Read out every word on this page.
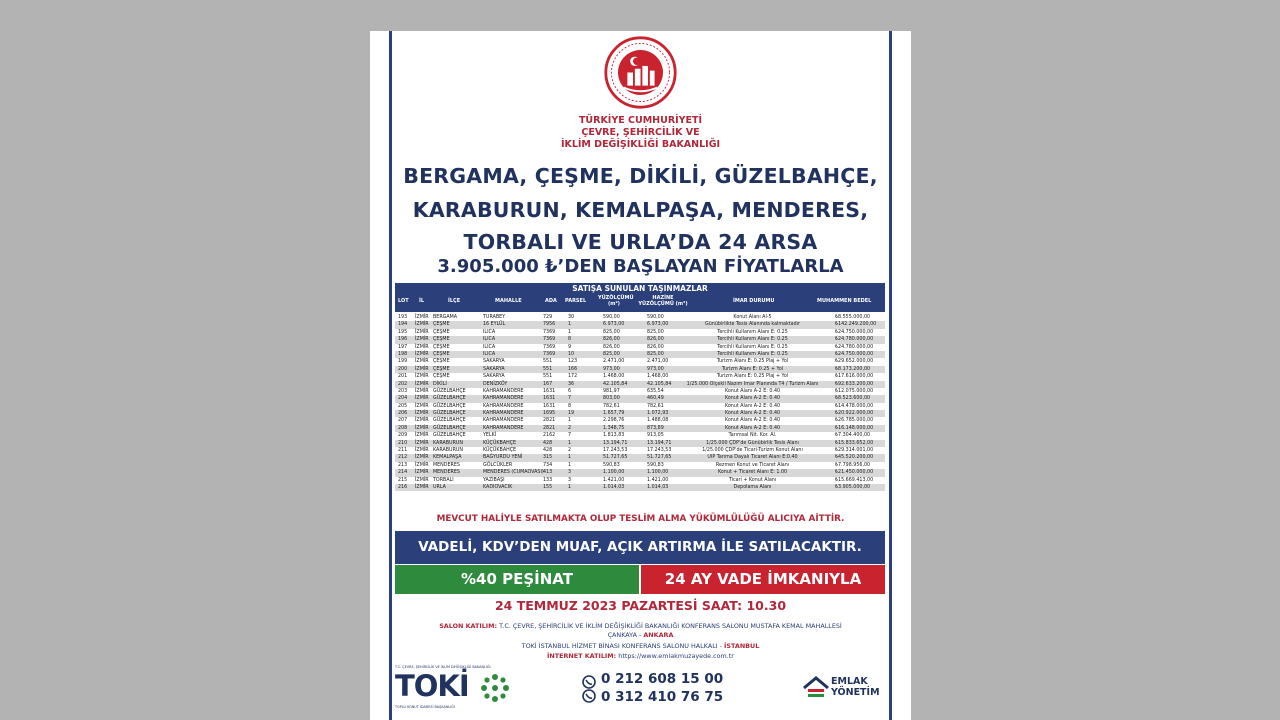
TÜRKİYE CUMHURİYETİ
ÇEVRE, ŞEHİRCİLİK VE
İKLİM DEĞİŞİKLİĞİ BAKANLIĞI
BERGAMA, ÇEŞME, DİKİLİ, GÜZELBAHÇE,
KARABURUN, KEMALPAŞA, MENDERES,
TORBALI VE URLA’DA 24 ARSA
3.905.000 ₺’DEN BAŞLAYAN FİYATLARLA
SATIŞA SUNULAN TAŞINMAZLAR
LOT İL	İLÇE	MAHALLE	ADA PARSEL YÜZÖLÇÜMÜ (m²)
HAZİNE YÜZÖLÇÜMÜ (m²)	İMAR DURUMU	MUHAMMEN BEDEL
193 İZMİR BERGAMA	TURABEY	729	30	590,00	590,00	Konut Alanı Al-5	₺8.555.000,00
194 İZMİR ÇEŞME	16 EYLÜL	7956	1	6.973,00	6.973,00	Günübirlikte Tesis Alanında kalmaktadır	₺142.249.200,00
195 İZMİR ÇEŞME	ILICA	7369	1	825,00	825,00	Tercihli Kullanım Alanı E: 0.25	₺24.750.000,00
196 İZMİR ÇEŞME	ILICA	7369	8	826,00	826,00	Tercihli Kullanım Alanı E: 0.25	₺24.780.000,00
197 İZMİR ÇEŞME	ILICA	7369	9	826,00	826,00	Tercihli Kullanım Alanı E: 0.25	₺24.780.000,00
198 İZMİR ÇEŞME	ILICA	7369	10	825,00	825,00	Tercihli Kullanım Alanı E: 0.25	₺24.750.000,00
199 İZMİR ÇEŞME	SAKARYA	551	123	2.471,00	2.471,00	Turizm Alanı E: 0.25 Plaj + Yol	₺29.652.000,00
200 İZMİR ÇEŞME	SAKARYA	551	166	973,00	973,00	Turizm Alanı E: 0.25 + Yol	₺8.173.200,00
201 İZMİR ÇEŞME	SAKARYA	551	172	1.468,00	1.468,00	Turizm Alanı E: 0.25 Plaj + Yol	₺17.616.000,00
202 İZMİR DİKİLİ	DENİZKÖY	167	36	42.105,84	42.105,84	1/25.000 Ölçekli Nazım İmar Planında T4 / Turizm Alanı	₺92.633.200,00
203 İZMİR GÜZELBAHÇE	KAHRAMANDERE	1631	6	981,97	635,54	Konut Alanı A-2 E: 0.40	₺12.075.000,00
204 İZMİR GÜZELBAHÇE	KAHRAMANDERE	1631	7	803,00	460,49	Konut Alanı A-2 E: 0.40	₺8.523.600,00
205 İZMİR GÜZELBAHÇE	KAHRAMANDERE	1631	8	782,61	782,61	Konut Alanı A-2 E: 0.40	₺14.478.000,00
206 İZMİR GÜZELBAHÇE	KAHRAMANDERE	1695	19	1.657,79	1.072,93	Konut Alanı A-2 E: 0.40	₺20.922.000,00
207 İZMİR GÜZELBAHÇE	KAHRAMANDERE	2821	1	2.298,76	1.488,08	Konut Alanı A-2 E: 0.40	₺26.785.000,00
208 İZMİR GÜZELBAHÇE	KAHRAMANDERE	2821	2	1.348,75	873,89	Konut Alanı A-2 E: 0.40	₺16.148.000,00
209 İZMİR GÜZELBAHÇE	YELKİ	2162	7	1.813,83	913,05	Tarımsal Nit. Kor. Al.	₺7.304.400,00
210 İZMİR KARABURUN	KÜÇÜKBAHÇE	428	1	13.194,71	13.194,71	1/25.000 ÇDP'de Günübirlik Tesis Alanı	₺15.833.652,00
211 İZMİR KARABURUN	KÜÇÜKBAHÇE	428	2	17.243,53	17.243,53	1/25.000 ÇDP'de Ticari-Turizm Konut Alanı	₺29.314.001,00
212 İZMİR KEMALPAŞA	BAĞYURDU YENİ	315	1	51.727,65	51.727,65	UİP Tarıma Dayalı Ticaret Alanı E:0.40	₺45.520.200,00
213 İZMİR MENDERES	GÖLCÜKLER	734	1	590,83	590,83	Rezmen Konut ve Ticaret Alanı	₺7.798.956,00
214 İZMİR MENDERES	MENDERES (CUMAOVASI) 413	3	1.100,00	1.100,00	Konut + Ticaret Alanı E: 1.00	₺21.450.000,00
215 İZMİR TORBALI	YAZIBAŞI	133	3	1.421,00	1.421,00	Ticari + Konut Alanı	₺15.669.413,00
216 İZMİR URLA	KADIOVACIK	155	1	1.014,03	1.014,03	Depolama Alanı	₺3.905.000,00
MEVCUT HALİYLE SATILMAKTA OLUP TESLİM ALMA YÜKÜMLÜLÜĞÜ ALICIYA AİTTİR.
VADELİ, KDV’DEN MUAF, AÇIK ARTIRMA İLE SATILACAKTIR.
%40 PEŞİNAT	24 AY VADE İMKANIYLA
24 TEMMUZ 2023 PAZARTESİ SAAT: 10.30
SALON KATILIM: T.C. ÇEVRE, ŞEHİRCİLİK VE İKLİM DEĞİŞİKLİĞİ BAKANLIĞI KONFERANS SALONU MUSTAFA KEMAL MAHALLESİ
ÇANKAYA - ANKARA
TOKİ İSTANBUL HİZMET BİNASI KONFERANS SALONU HALKALI - İSTANBUL
İNTERNET KATILIM: https://www.emlakmuzayede.com.tr
T.C. ÇEVRE, ŞEHİRCİLİK VE İKLİM DEĞİŞİKLİĞİ BAKANLIĞI
TOKİ
TOPLU KONUT İDARESİ BAŞKANLIĞI
0 212 608 15 00
0 312 410 76 75
EMLAK
YÖNETİM
